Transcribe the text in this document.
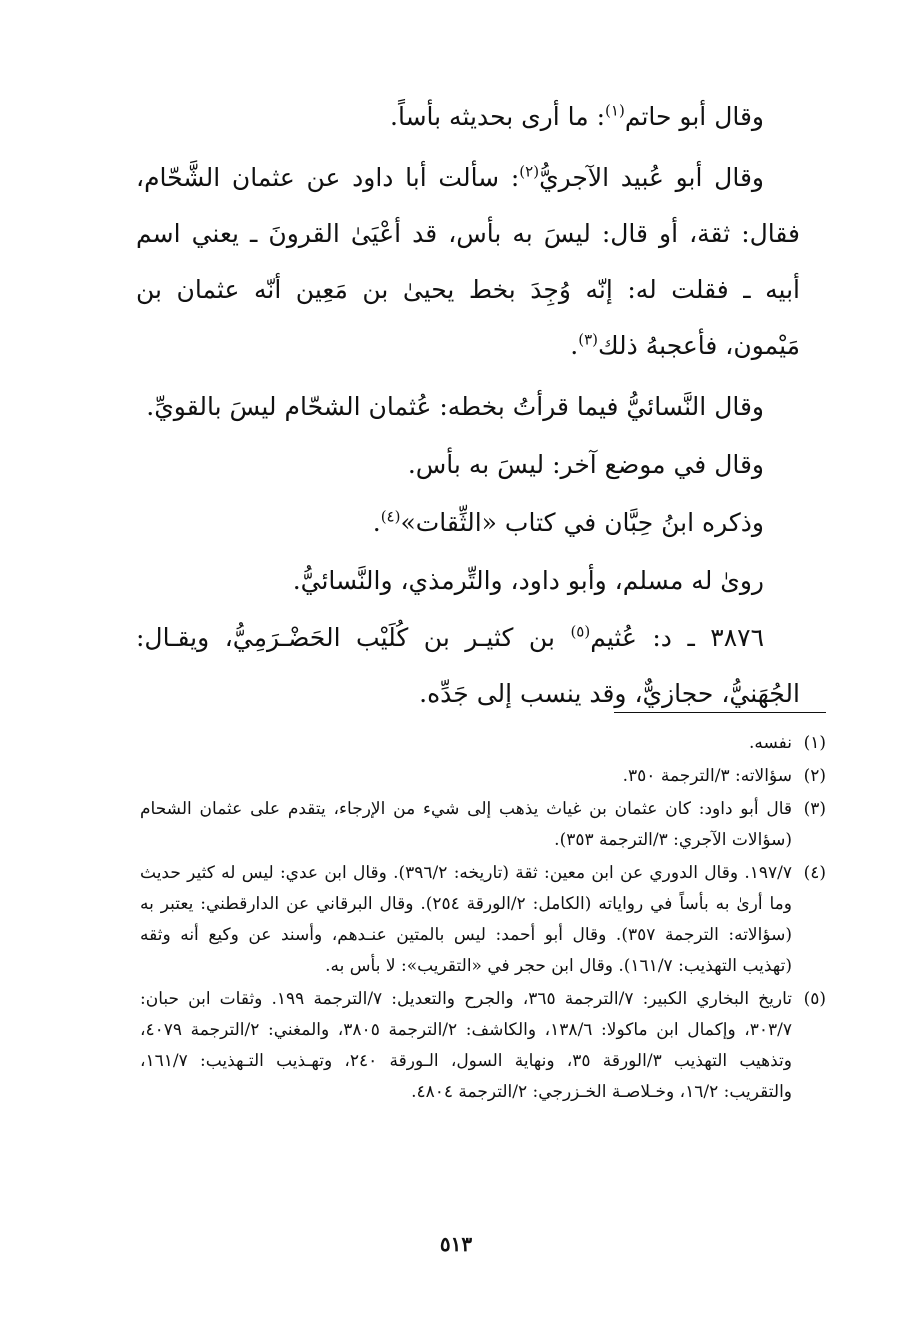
وقال أبو حاتم$^{(١)}$: ما أرى بحديثه بأساً.

وقال أبو عُبيد الآجريُّ$^{(٢)}$: سألت أبا داود عن عثمان الشَّحّام، فقال: ثقة، أو قال: ليسَ به بأس، قد أعْيَىٰ القرونَ ـ يعني اسم أبيه ـ فقلت له: إنّه وُجِدَ بخط يحيىٰ بن مَعِين أنّه عثمان بن مَيْمون، فأعجبهُ ذلك$^{(٣)}$.

وقال النَّسائيُّ فيما قرأتُ بخطه: عُثمان الشحّام ليسَ بالقويِّ.

وقال في موضع آخر: ليسَ به بأس.

وذكره ابنُ حِبَّان في كتاب «الثِّقات»$^{(٤)}$.

روىٰ له مسلم، وأبو داود، والتِّرمذي، والنَّسائيُّ.

٣٨٧٦ ـ د: عُثيم$^{(٥)}$ بن كثيـر بن كُلَيْب الحَضْـرَمِيُّ، ويقـال: الجُهَنيُّ، حجازيٌّ، وقد ينسب إلى جَدِّه.

(١)
نفسه.

(٢)
سؤالاته: ٣/الترجمة ٣٥٠.

(٣)
قال أبو داود: كان عثمان بن غياث يذهب إلى شيء من الإرجاء، يتقدم على عثمان الشحام (سؤالات الآجري: ٣/الترجمة ٣٥٣).

(٤)
١٩٧/٧. وقال الدوري عن ابن معين: ثقة (تاريخه: ٣٩٦/٢). وقال ابن عدي: ليس له كثير حديث وما أرىٰ به بأساً في رواياته (الكامل: ٢/الورقة ٢٥٤). وقال البرقاني عن الدارقطني: يعتبر به (سؤالاته: الترجمة ٣٥٧). وقال أبو أحمد: ليس بالمتين عنـدهم، وأسند عن وكيع أنه وثقه (تهذيب التهذيب: ١٦١/٧). وقال ابن حجر في «التقريب»: لا بأس به.

(٥)
تاريخ البخاري الكبير: ٧/الترجمة ٣٦٥، والجرح والتعديل: ٧/الترجمة ١٩٩. وثقات ابن حبان: ٣٠٣/٧، وإكمال ابن ماكولا: ١٣٨/٦، والكاشف: ٢/الترجمة ٣٨٠٥، والمغني: ٢/الترجمة ٤٠٧٩، وتذهيب التهذيب ٣/الورقة ٣٥، ونهاية السول، الـورقة ٢٤٠، وتهـذيب التـهذيب: ١٦١/٧، والتقريب: ١٦/٢، وخـلاصـة الخـزرجي: ٢/الترجمة ٤٨٠٤.

٥١٣
